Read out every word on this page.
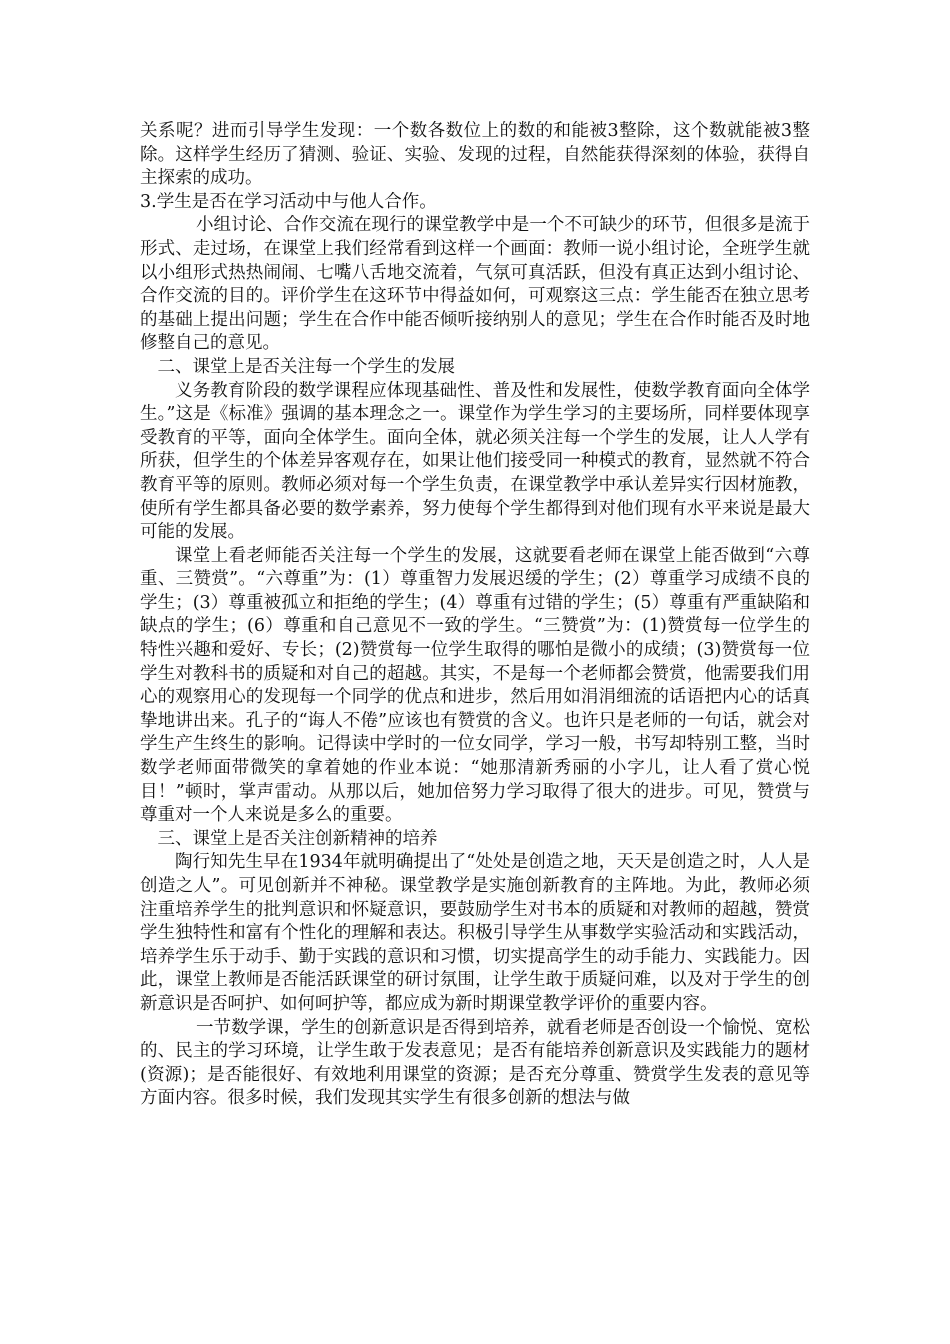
关系呢？进而引导学生发现：一个数各数位上的数的和能被3整除，这个数就能被3整除。这样学生经历了猜测、验证、实验、发现的过程，自然能获得深刻的体验，获得自主探索的成功。

3.学生是否在学习活动中与他人合作。

小组讨论、合作交流在现行的课堂教学中是一个不可缺少的环节，但很多是流于形式、走过场，在课堂上我们经常看到这样一个画面：教师一说小组讨论，全班学生就以小组形式热热闹闹、七嘴八舌地交流着，气氛可真活跃，但没有真正达到小组讨论、合作交流的目的。评价学生在这环节中得益如何，可观察这三点：学生能否在独立思考的基础上提出问题；学生在合作中能否倾听接纳别人的意见；学生在合作时能否及时地修整自己的意见。

二、课堂上是否关注每一个学生的发展

义务教育阶段的数学课程应体现基础性、普及性和发展性，使数学教育面向全体学生。”这是《标准》强调的基本理念之一。课堂作为学生学习的主要场所，同样要体现享受教育的平等，面向全体学生。面向全体，就必须关注每一个学生的发展，让人人学有所获，但学生的个体差异客观存在，如果让他们接受同一种模式的教育，显然就不符合教育平等的原则。教师必须对每一个学生负责，在课堂教学中承认差异实行因材施教，使所有学生都具备必要的数学素养，努力使每个学生都得到对他们现有水平来说是最大可能的发展。

课堂上看老师能否关注每一个学生的发展，这就要看老师在课堂上能否做到“六尊重、三赞赏”。“六尊重”为：(1）尊重智力发展迟缓的学生；(2）尊重学习成绩不良的学生；(3）尊重被孤立和拒绝的学生；(4）尊重有过错的学生；(5）尊重有严重缺陷和缺点的学生；(6）尊重和自己意见不一致的学生。“三赞赏”为：(1)赞赏每一位学生的特性兴趣和爱好、专长；(2)赞赏每一位学生取得的哪怕是微小的成绩；(3)赞赏每一位学生对教科书的质疑和对自己的超越。其实，不是每一个老师都会赞赏，他需要我们用心的观察用心的发现每一个同学的优点和进步，然后用如涓涓细流的话语把内心的话真挚地讲出来。孔子的“诲人不倦”应该也有赞赏的含义。也许只是老师的一句话，就会对学生产生终生的影响。记得读中学时的一位女同学，学习一般，书写却特别工整，当时数学老师面带微笑的拿着她的作业本说：“她那清新秀丽的小字儿，让人看了赏心悦目！”顿时，掌声雷动。从那以后，她加倍努力学习取得了很大的进步。可见，赞赏与尊重对一个人来说是多么的重要。

三、课堂上是否关注创新精神的培养

陶行知先生早在1934年就明确提出了“处处是创造之地，天天是创造之时，人人是创造之人”。可见创新并不神秘。课堂教学是实施创新教育的主阵地。为此，教师必须注重培养学生的批判意识和怀疑意识，要鼓励学生对书本的质疑和对教师的超越，赞赏学生独特性和富有个性化的理解和表达。积极引导学生从事数学实验活动和实践活动，培养学生乐于动手、勤于实践的意识和习惯，切实提高学生的动手能力、实践能力。因此，课堂上教师是否能活跃课堂的研讨氛围，让学生敢于质疑问难，以及对于学生的创新意识是否呵护、如何呵护等，都应成为新时期课堂教学评价的重要内容。

一节数学课，学生的创新意识是否得到培养，就看老师是否创设一个愉悦、宽松的、民主的学习环境，让学生敢于发表意见；是否有能培养创新意识及实践能力的题材(资源)；是否能很好、有效地利用课堂的资源；是否充分尊重、赞赏学生发表的意见等方面内容。很多时候，我们发现其实学生有很多创新的想法与做
